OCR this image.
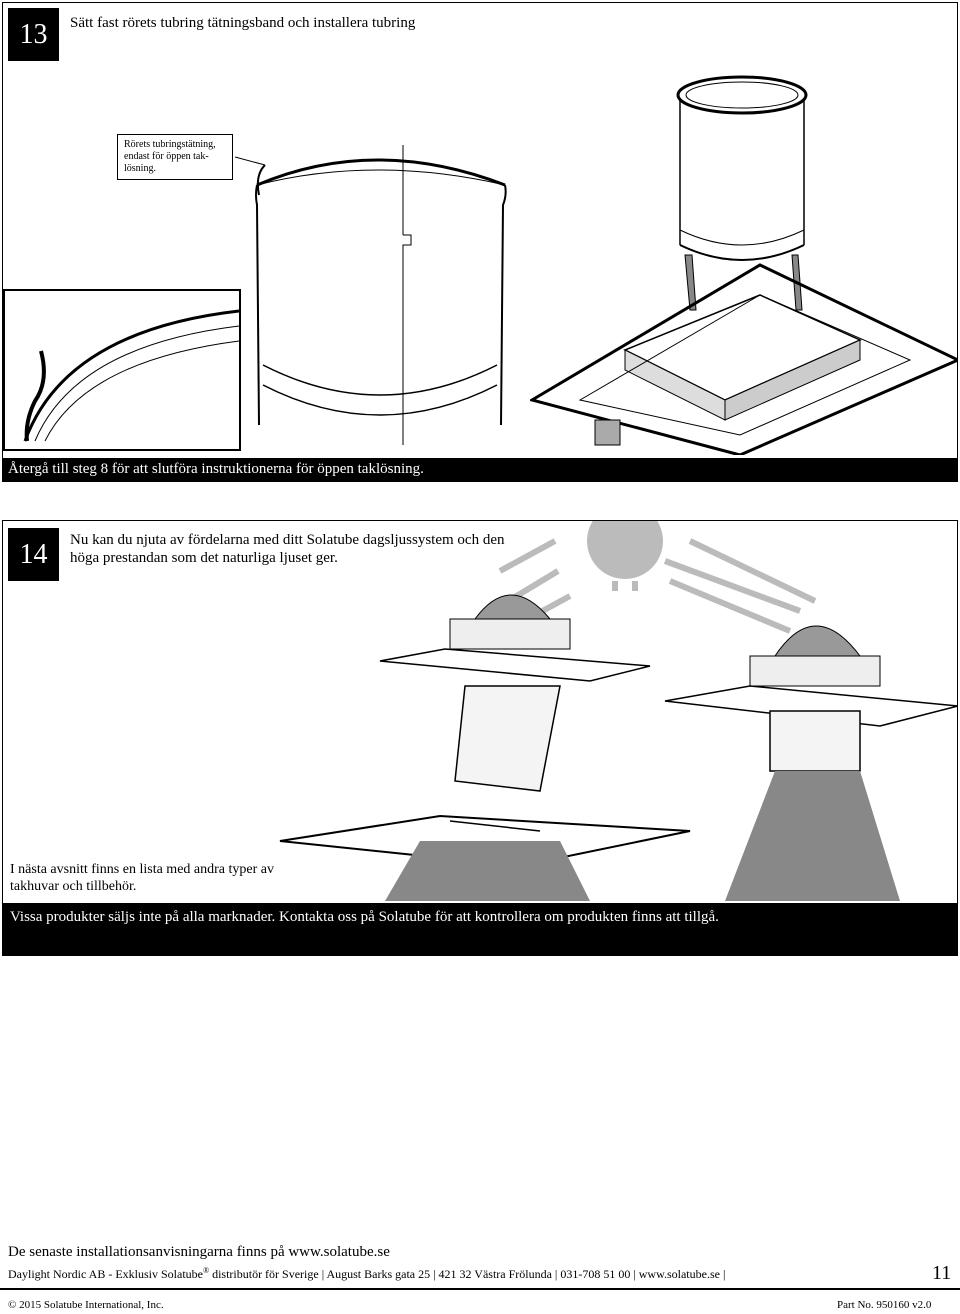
13	Sätt fast rörets tubring tätningsband och installera tubring
Rörets tubringstätning, endast för öppen tak-lösning.
Återgå till steg 8 för att slutföra instruktionerna för öppen taklösning.
14	Nu kan du njuta av fördelarna med ditt Solatube dagsljussystem och den
höga prestandan som det naturliga ljuset ger.
I nästa avsnitt finns en lista med andra typer av
takhuvar och tillbehör.
Vissa produkter säljs inte på alla marknader. Kontakta oss på Solatube för att kontrollera om produkten finns att tillgå.
De senaste installationsanvisningarna finns på www.solatube.se
Daylight Nordic AB - Exklusiv Solatube® distributör för Sverige | August Barks gata 25 | 421 32 Västra Frölunda | 031-708 51 00 | www.solatube.se |	11
© 2015 Solatube International, Inc.	Part No. 950160 v2.0
